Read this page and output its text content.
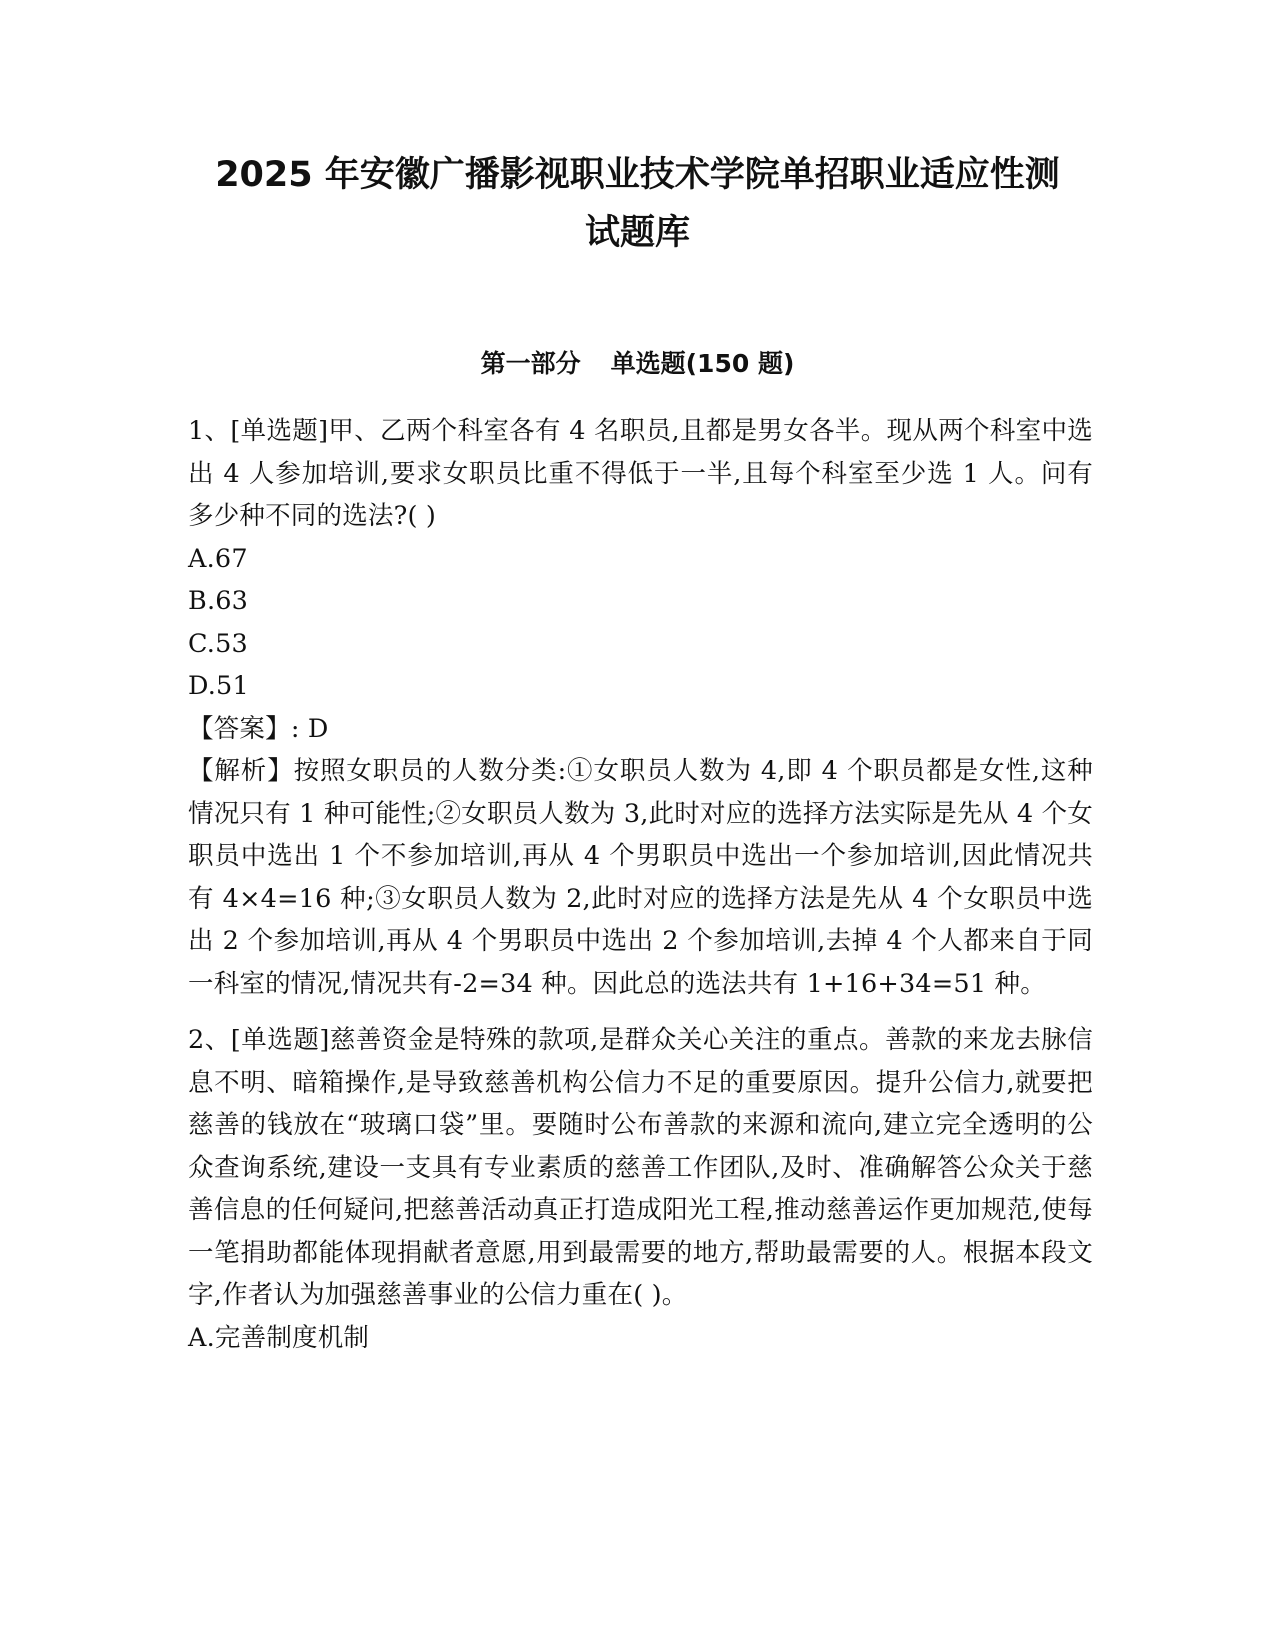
2025 年安徽广播影视职业技术学院单招职业适应性测
试题库
第一部分 单选题(150 题)

1、[单选题]甲、乙两个科室各有 4 名职员,且都是男女各半。现从两个科室中选出 4 人参加培训,要求女职员比重不得低于一半,且每个科室至少选 1 人。问有多少种不同的选法?( )

A.67

B.63

C.53

D.51

【答案】: D

【解析】按照女职员的人数分类:①女职员人数为 4,即 4 个职员都是女性,这种情况只有 1 种可能性;②女职员人数为 3,此时对应的选择方法实际是先从 4 个女职员中选出 1 个不参加培训,再从 4 个男职员中选出一个参加培训,因此情况共有 4×4=16 种;③女职员人数为 2,此时对应的选择方法是先从 4 个女职员中选出 2 个参加培训,再从 4 个男职员中选出 2 个参加培训,去掉 4 个人都来自于同一科室的情况,情况共有-2=34 种。因此总的选法共有 1+16+34=51 种。

2、[单选题]慈善资金是特殊的款项,是群众关心关注的重点。善款的来龙去脉信息不明、暗箱操作,是导致慈善机构公信力不足的重要原因。提升公信力,就要把慈善的钱放在“玻璃口袋”里。要随时公布善款的来源和流向,建立完全透明的公众查询系统,建设一支具有专业素质的慈善工作团队,及时、准确解答公众关于慈善信息的任何疑问,把慈善活动真正打造成阳光工程,推动慈善运作更加规范,使每一笔捐助都能体现捐献者意愿,用到最需要的地方,帮助最需要的人。根据本段文字,作者认为加强慈善事业的公信力重在( )。

A.完善制度机制
